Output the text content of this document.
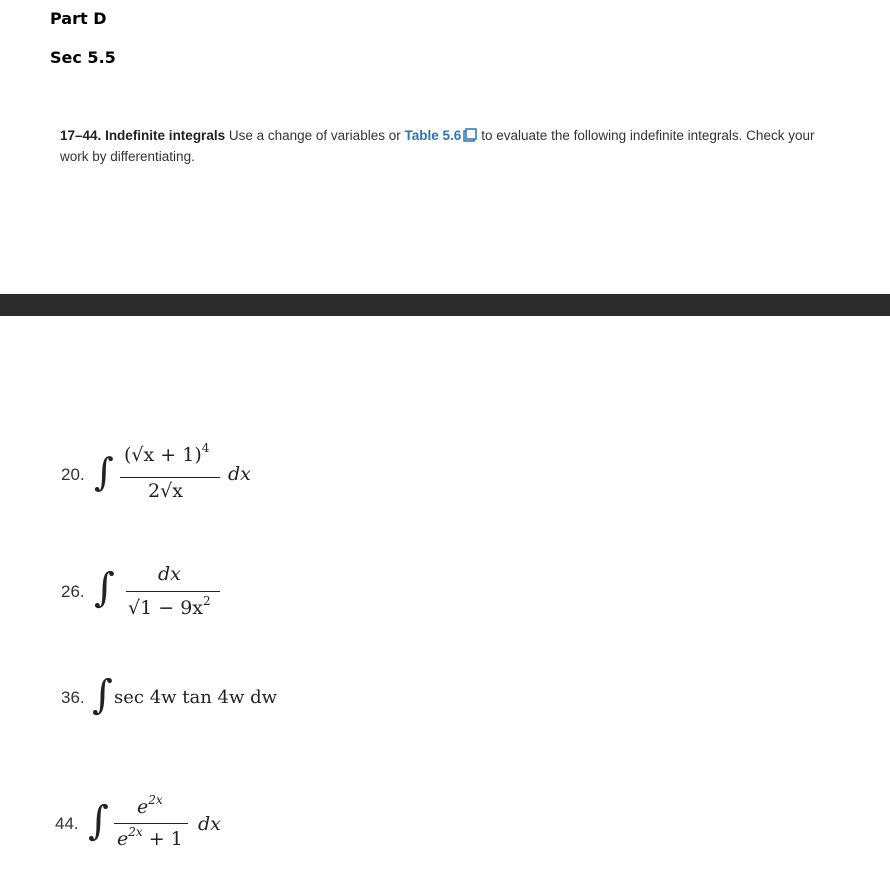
Part D
Sec 5.5
17–44. Indefinite integrals Use a change of variables or Table 5.6 to evaluate the following indefinite integrals. Check your work by differentiating.
20. ∫ $(√x + 1)^4$
2√x
dx
26. ∫ dx
$√1 - 9x^2$
36. ∫ sec 4w tan 4w dw
44. ∫ $e^{2x}$
$e^{2x} + 1$
dx
